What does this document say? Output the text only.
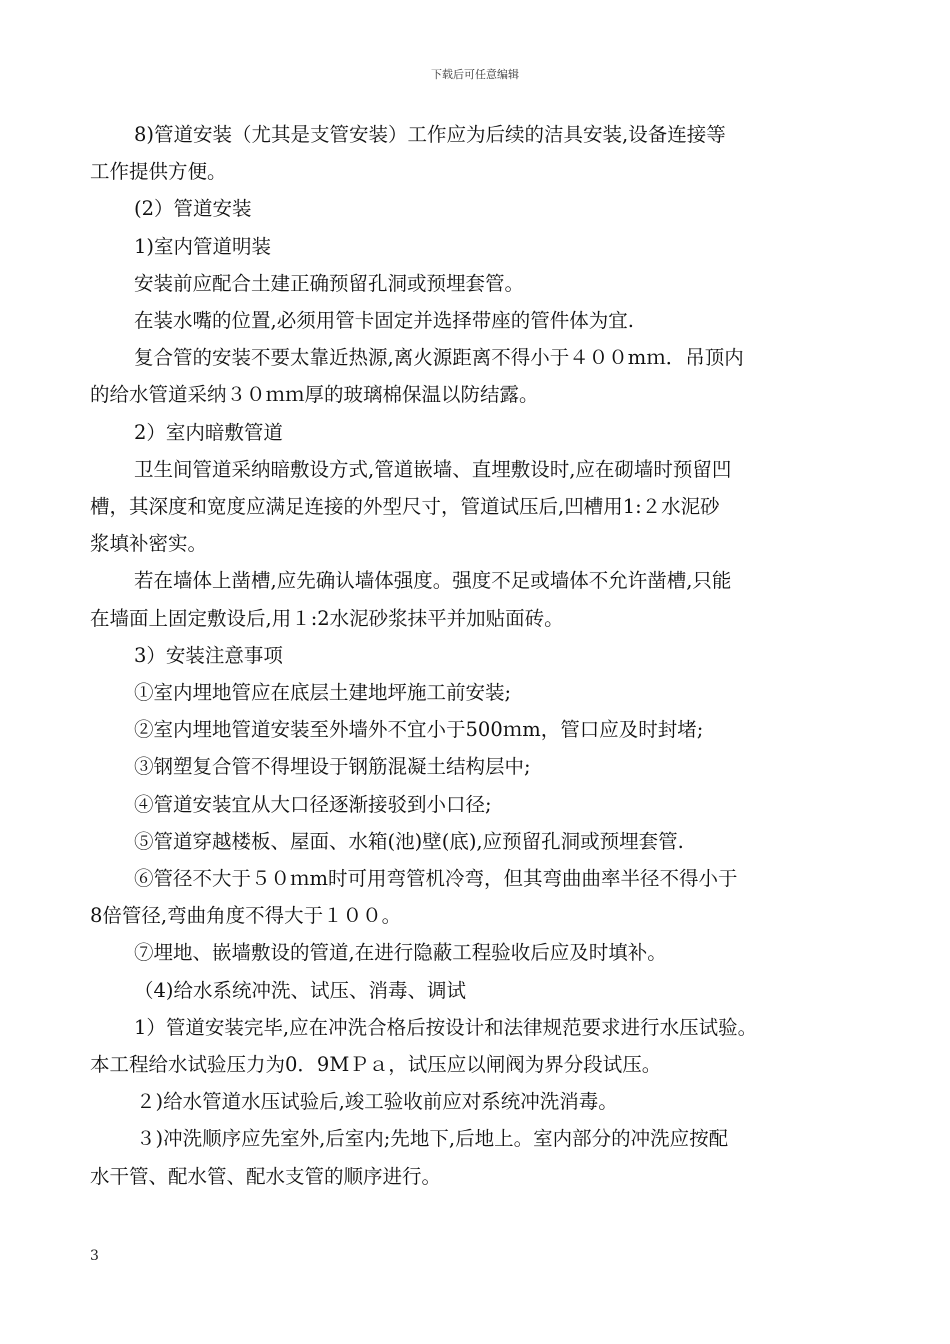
下载后可任意编辑

8)管道安装（尤其是支管安装）工作应为后续的洁具安装,设备连接等

工作提供方便。

(2）管道安装

1)室内管道明装

安装前应配合土建正确预留孔洞或预埋套管。

在装水嘴的位置,必须用管卡固定并选择带座的管件体为宜.

复合管的安装不要太靠近热源,离火源距离不得小于４００mｍ．吊顶内

的给水管道采纳３０ｍｍ厚的玻璃棉保温以防结露。

2）室内暗敷管道

卫生间管道采纳暗敷设方式,管道嵌墙、直埋敷设时,应在砌墙时预留凹

槽，其深度和宽度应满足连接的外型尺寸，管道试压后,凹槽用1:２水泥砂

浆填补密实。

若在墙体上凿槽,应先确认墙体强度。强度不足或墙体不允许凿槽,只能

在墙面上固定敷设后,用１:2水泥砂浆抹平并加贴面砖。

3）安装注意事项

①室内埋地管应在底层土建地坪施工前安装;

②室内埋地管道安装至外墙外不宜小于500ｍm，管口应及时封堵;

③钢塑复合管不得埋设于钢筋混凝土结构层中;

④管道安装宜从大口径逐渐接驳到小口径;

⑤管道穿越楼板、屋面、水箱(池)壁(底),应预留孔洞或预埋套管.

⑥管径不大于５０ｍm时可用弯管机冷弯，但其弯曲曲率半径不得小于

8倍管径,弯曲角度不得大于１００。

⑦埋地、嵌墙敷设的管道,在进行隐蔽工程验收后应及时填补。

（4)给水系统冲洗、试压、消毒、调试

1）管道安装完毕,应在冲洗合格后按设计和法律规范要求进行水压试验。

本工程给水试验压力为0．9MＰａ，试压应以闸阀为界分段试压。

２)给水管道水压试验后,竣工验收前应对系统冲洗消毒。

３)冲洗顺序应先室外,后室内;先地下,后地上。室内部分的冲洗应按配

水干管、配水管、配水支管的顺序进行。

3
